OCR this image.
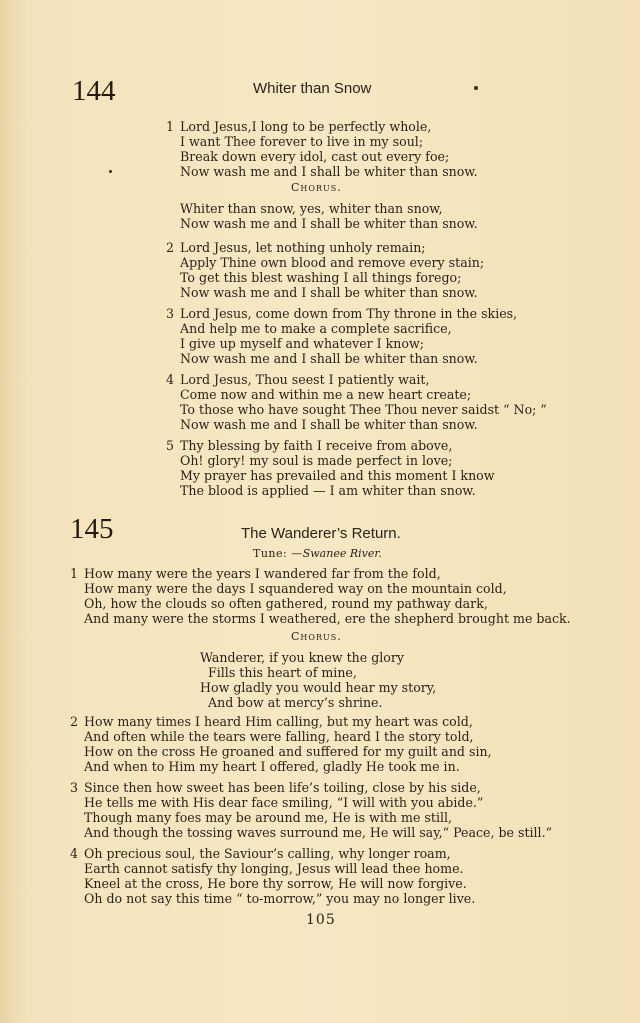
144	Whiter than Snow
1 Lord Jesus,I long to be perfectly whole,
I want Thee forever to live in my soul;
Break down every idol, cast out every foe;
Now wash me and I shall be whiter than snow.
Chorus.
Whiter than snow, yes, whiter than snow,
Now wash me and I shall be whiter than snow.
2 Lord Jesus, let nothing unholy remain;
Apply Thine own blood and remove every stain;
To get this blest washing I all things forego;
Now wash me and I shall be whiter than snow.
3 Lord Jesus, come down from Thy throne in the skies,
And help me to make a complete sacrifice,
I give up myself and whatever I know;
Now wash me and I shall be whiter than snow.
4 Lord Jesus, Thou seest I patiently wait,
Come now and within me a new heart create;
To those who have sought Thee Thou never saidst “ No; ”
Now wash me and I shall be whiter than snow.
5 Thy blessing by faith I receive from above,
Oh! glory! my soul is made perfect in love;
My prayer has prevailed and this moment I know
The blood is applied — I am whiter than snow.
145	The Wanderer’s Return.
Tune: —Swanee River.
1 How many were the years I wandered far from the fold,
How many were the days I squandered way on the mountain cold,
Oh, how the clouds so often gathered, round my pathway dark,
And many were the storms I weathered, ere the shepherd brought me back.
Chorus.
Wanderer, if you knew the glory
Fills this heart of mine,
How gladly you would hear my story,
And bow at mercy’s shrine.
2 How many times I heard Him calling, but my heart was cold,
And often while the tears were falling, heard I the story told,
How on the cross He groaned and suffered for my guilt and sin,
And when to Him my heart I offered, gladly He took me in.
3 Since then how sweet has been life’s toiling, close by his side,
He tells me with His dear face smiling, “I will with you abide.”
Though many foes may be around me, He is with me still,
And though the tossing waves surround me, He will say,“ Peace, be still.”
4 Oh precious soul, the Saviour’s calling, why longer roam,
Earth cannot satisfy thy longing, Jesus will lead thee home.
Kneel at the cross, He bore thy sorrow, He will now forgive.
Oh do not say this time “ to-morrow,” you may no longer live.
105
